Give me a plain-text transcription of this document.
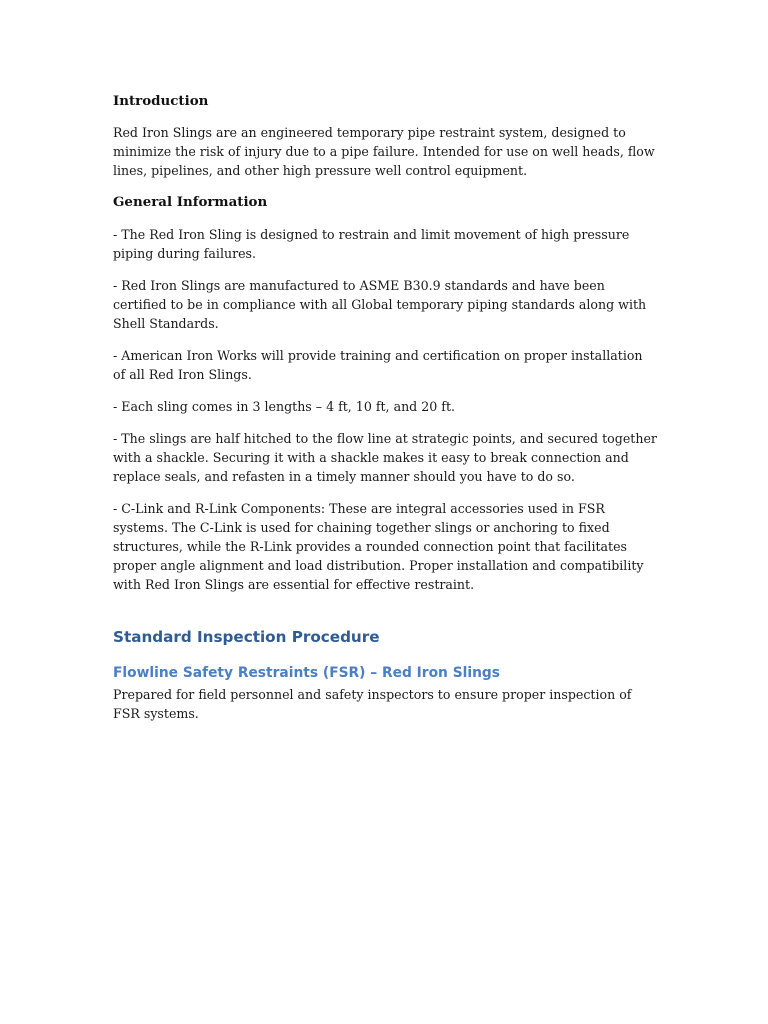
Introduction

Red Iron Slings are an engineered temporary pipe restraint system, designed to minimize the risk of injury due to a pipe failure. Intended for use on well heads, flow lines, pipelines, and other high pressure well control equipment.

General Information

- The Red Iron Sling is designed to restrain and limit movement of high pressure piping during failures.

- Red Iron Slings are manufactured to ASME B30.9 standards and have been certified to be in compliance with all Global temporary piping standards along with Shell Standards.

- American Iron Works will provide training and certification on proper installation of all Red Iron Slings.

- Each sling comes in 3 lengths – 4 ft, 10 ft, and 20 ft.

- The slings are half hitched to the flow line at strategic points, and secured together with a shackle. Securing it with a shackle makes it easy to break connection and replace seals, and refasten in a timely manner should you have to do so.

- C-Link and R-Link Components: These are integral accessories used in FSR systems. The C-Link is used for chaining together slings or anchoring to fixed structures, while the R-Link provides a rounded connection point that facilitates proper angle alignment and load distribution. Proper installation and compatibility with Red Iron Slings are essential for effective restraint.

Standard Inspection Procedure
Flowline Safety Restraints (FSR) – Red Iron Slings

Prepared for field personnel and safety inspectors to ensure proper inspection of FSR systems.
